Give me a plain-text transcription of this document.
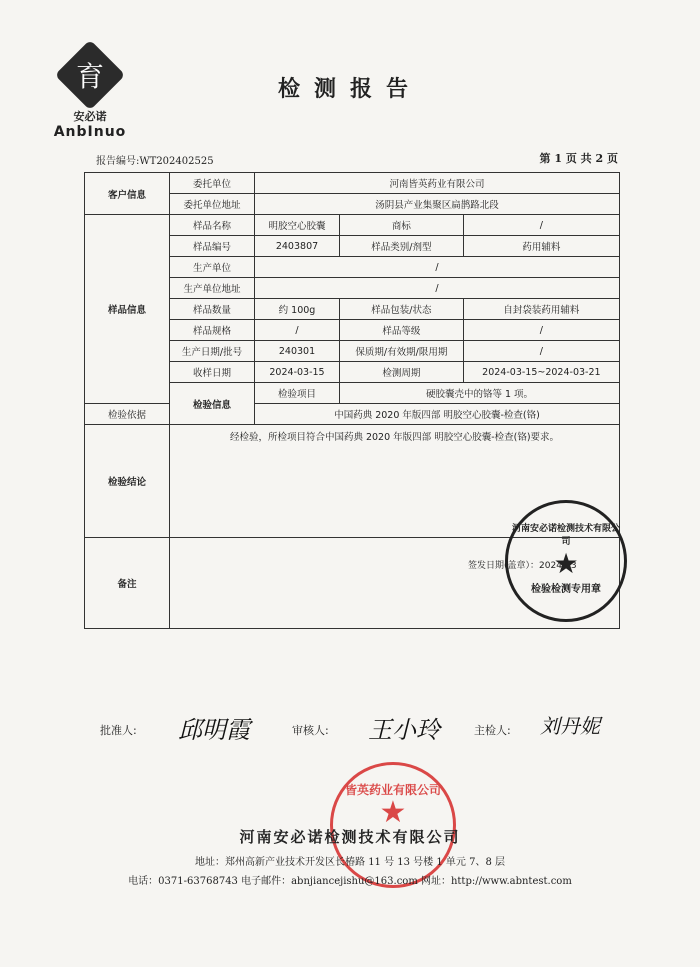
育
安必诺
AnbInuo
检测报告
报告编号:WT202402525	第 1 页 共 2 页
客户信息	委托单位	河南皆英药业有限公司		
	委托单位地址	汤阴县产业集聚区扁鹊路北段		
样品信息	样品名称	明胶空心胶囊	商标	/
	样品编号	2403807	样品类别/剂型	药用辅料
	生产单位	/		
	生产单位地址	/		
	样品数量	约 100g	样品包装/状态	自封袋装药用辅料
	样品规格	/	样品等级	/
	生产日期/批号	240301	保质期/有效期/限用期	/
	收样日期	2024-03-15	检测周期	2024-03-15~2024-03-21
	检验信息	检验项目	硬胶囊壳中的铬等 1 项。	
检验依据		中国药典 2020 年版四部 明胶空心胶囊-检查(铬)		
检验结论	经检验，所检项目符合中国药典 2020 年版四部 明胶空心胶囊-检查(铬)要求。			
备注				
签发日期(盖章）：2024-03
河南安必诺检测技术有限公司
★
检验检测专用章
批准人: 邱明霞	审核人: 王小玲	主检人: 刘丹妮
皆英药业有限公司
★
河南安必诺检测技术有限公司
地址：郑州高新产业技术开发区长椿路 11 号 13 号楼 1 单元 7、8 层
电话：0371-63768743 电子邮件：abnjiancejishu@163.com 网址：http://www.abntest.com
